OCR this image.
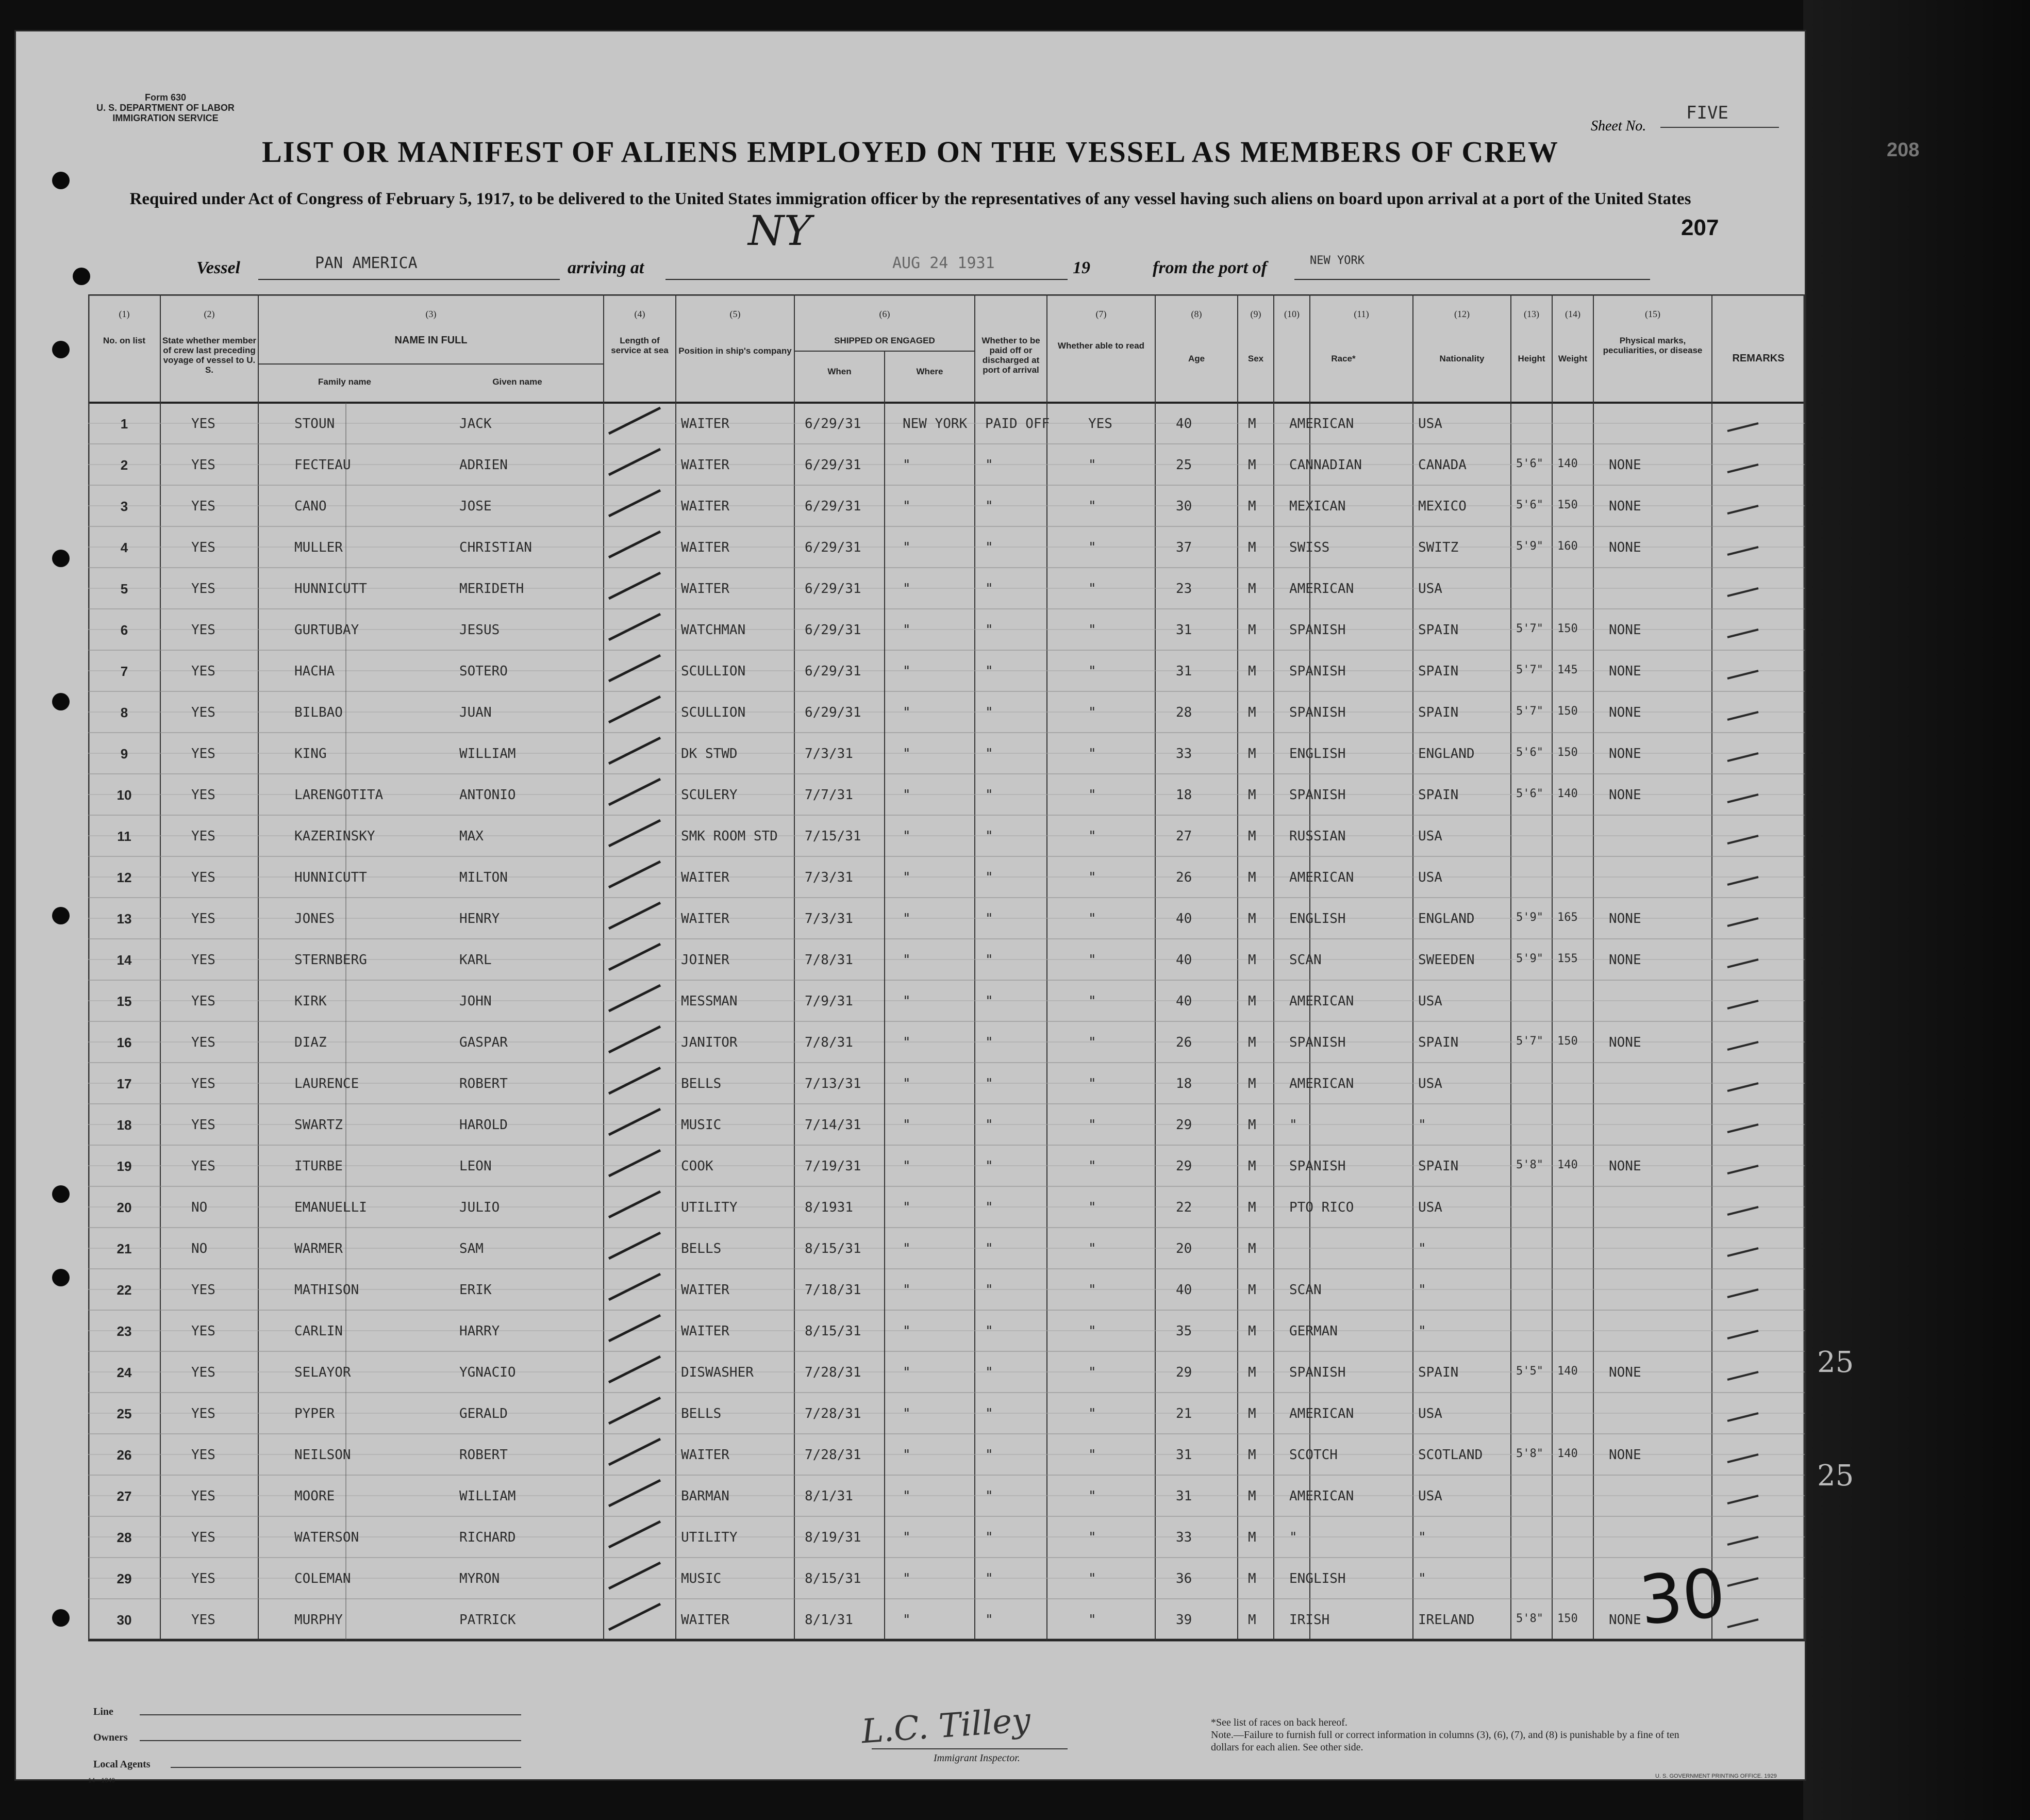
208
25
25
Form 630
U. S. DEPARTMENT OF LABOR
IMMIGRATION SERVICE	Sheet No.
FIVE
LIST OR MANIFEST OF ALIENS EMPLOYED ON THE VESSEL AS MEMBERS OF CREW
Required under Act of Congress of February 5, 1917, to be delivered to the United States immigration officer by the representatives of any vessel having such aliens on board upon arrival at a port of the United States
207
Vessel	PAN AMERICA	arriving at
NY
AUG 24 1931	19	from the port of	NEW YORK
(1)	(2)	(3)	(4)	(5)	(6)	(7)	(8)	(9)	(10)	(11)	(12)	(13)	(14)	(15)
No. on list	State whether member of crew last preceding voyage of vessel to U. S.
NAME IN FULL
Family name	Given name
Length of service at sea	Position in ship's company
SHIPPED OR ENGAGED
When	Where
Whether to be paid off or discharged at port of arrival
Whether able to read
Age	Sex	Race*	Nationality	Height	Weight
Physical marks, peculiarities, or disease
REMARKS
1	YES	STOUN	JACK	WAITER	6/29/31	NEW YORK PAID OFF	YES	40	M AMERICAN	USA
2	YES	FECTEAU	ADRIEN	WAITER	6/29/31	"	"	"	25	M CANNADIAN	CANADA	5'6" 140 NONE
3	YES	CANO	JOSE	WAITER	6/29/31	"	"	"	30	M MEXICAN	MEXICO	5'6" 150 NONE
4	YES	MULLER	CHRISTIAN	WAITER	6/29/31	"	"	"	37	M SWISS	SWITZ	5'9" 160 NONE
5	YES	HUNNICUTT	MERIDETH	WAITER	6/29/31	"	"	"	23	M AMERICAN	USA
6	YES	GURTUBAY	JESUS	WATCHMAN	6/29/31	"	"	"	31	M SPANISH	SPAIN	5'7" 150 NONE
7	YES	HACHA	SOTERO	SCULLION	6/29/31	"	"	"	31	M SPANISH	SPAIN	5'7" 145 NONE
8	YES	BILBAO	JUAN	SCULLION	6/29/31	"	"	"	28	M SPANISH	SPAIN	5'7" 150 NONE
9	YES	KING	WILLIAM	DK STWD	7/3/31	"	"	"	33	M ENGLISH	ENGLAND	5'6" 150 NONE
10	YES	LARENGOTITA	ANTONIO	SCULERY	7/7/31	"	"	"	18	M SPANISH	SPAIN	5'6" 140 NONE
11	YES	KAZERINSKY	MAX	SMK ROOM STD 7/15/31	"	"	"	27	M RUSSIAN	USA
12	YES	HUNNICUTT	MILTON	WAITER	7/3/31	"	"	"	26	M AMERICAN	USA
13	YES	JONES	HENRY	WAITER	7/3/31	"	"	"	40	M ENGLISH	ENGLAND	5'9" 165 NONE
14	YES	STERNBERG	KARL	JOINER	7/8/31	"	"	"	40	M SCAN	SWEEDEN	5'9" 155 NONE
15	YES	KIRK	JOHN	MESSMAN	7/9/31	"	"	"	40	M AMERICAN	USA
16	YES	DIAZ	GASPAR	JANITOR	7/8/31	"	"	"	26	M SPANISH	SPAIN	5'7" 150 NONE
17	YES	LAURENCE	ROBERT	BELLS	7/13/31	"	"	"	18	M AMERICAN	USA
18	YES	SWARTZ	HAROLD	MUSIC	7/14/31	"	"	"	29	M "	"
19	YES	ITURBE	LEON	COOK	7/19/31	"	"	"	29	M SPANISH	SPAIN	5'8" 140 NONE
20	NO	EMANUELLI	JULIO	UTILITY	8/1931	"	"	"	22	M PTO RICO	USA
21	NO	WARMER	SAM	BELLS	8/15/31	"	"	"	20	M	"
22	YES	MATHISON	ERIK	WAITER	7/18/31	"	"	"	40	M SCAN	"
23	YES	CARLIN	HARRY	WAITER	8/15/31	"	"	"	35	M GERMAN	"
24	YES	SELAYOR	YGNACIO	DISWASHER	7/28/31	"	"	"	29	M SPANISH	SPAIN	5'5" 140 NONE
25	YES	PYPER	GERALD	BELLS	7/28/31	"	"	"	21	M AMERICAN	USA
26	YES	NEILSON	ROBERT	WAITER	7/28/31	"	"	"	31	M SCOTCH	SCOTLAND	5'8" 140 NONE
27	YES	MOORE	WILLIAM	BARMAN	8/1/31	"	"	"	31	M AMERICAN	USA
28	YES	WATERSON	RICHARD	UTILITY	8/19/31	"	"	"	33	M "	"
29	YES	COLEMAN	MYRON	MUSIC	8/15/31	"	"	"	36	M ENGLISH	"
30	YES	MURPHY	PATRICK	WAITER	8/1/31	"	"	"	39	M IRISH	IRELAND	5'8" 150 NONE
30
Line
Owners
Local Agents
14—1349
L.C. Tilley
Immigrant Inspector.
*See list of races on back hereof.
Note.—Failure to furnish full or correct information in columns (3), (6), (7), and (8) is punishable by a fine of ten dollars for each alien. See other side.
U. S. GOVERNMENT PRINTING OFFICE. 1929
